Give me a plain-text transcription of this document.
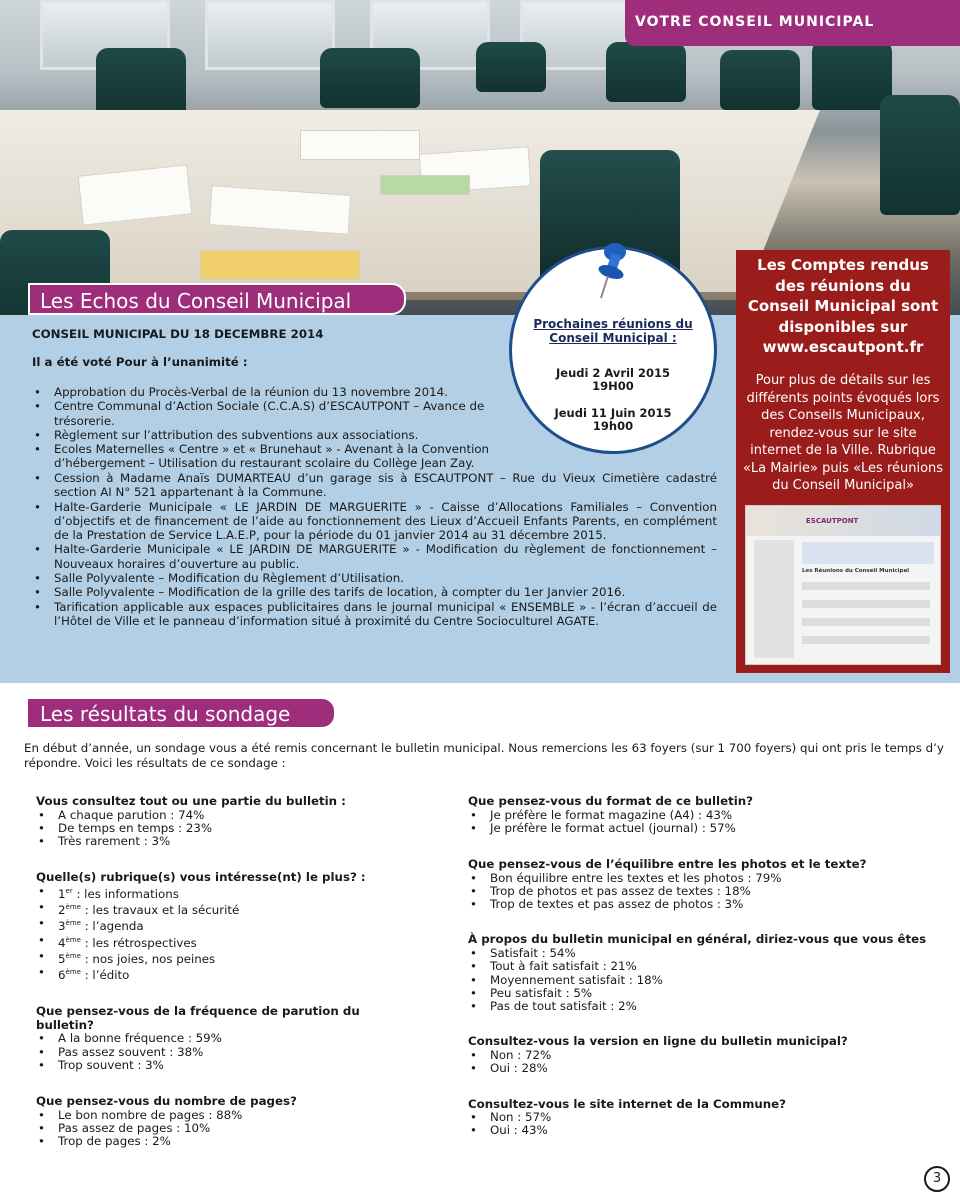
VOTRE CONSEIL MUNICIPAL
Les Echos du Conseil Municipal
CONSEIL MUNICIPAL DU 18 DECEMBRE 2014
Il a été voté Pour à l’unanimité :
• Approbation du Procès-Verbal de la réunion du 13 novembre 2014.
• Centre Communal d’Action Sociale (C.C.A.S) d’ESCAUTPONT – Avance de trésorerie.
• Règlement sur l’attribution des subventions aux associations.
• Ecoles Maternelles « Centre » et « Brunehaut » - Avenant à la Convention d’hébergement – Utilisation du restaurant scolaire du Collège Jean Zay.
• Cession à Madame Anaïs DUMARTEAU d’un garage sis à ESCAUTPONT – Rue du Vieux Cimetière cadastré section AI N° 521 appartenant à la Commune.
• Halte-Garderie Municipale « LE JARDIN DE MARGUERITE » - Caisse d’Allocations Familiales – Convention d’objectifs et de financement de l’aide au fonctionnement des Lieux d’Accueil Enfants Parents, en complément de la Prestation de Service L.A.E.P, pour la période du 01 janvier 2014 au 31 décembre 2015.
• Halte-Garderie Municipale « LE JARDIN DE MARGUERITE » - Modification du règlement de fonctionnement – Nouveaux horaires d’ouverture au public.
• Salle Polyvalente – Modification du Règlement d’Utilisation.
• Salle Polyvalente – Modification de la grille des tarifs de location, à compter du 1er Janvier 2016.
• Tarification applicable aux espaces publicitaires dans le journal municipal « ENSEMBLE » - l’écran d’accueil de l’Hôtel de Ville et le panneau d’information situé à proximité du Centre Socioculturel AGATE.
Prochaines réunions du
Conseil Municipal :
Jeudi 2 Avril 2015
19H00
Jeudi 11 Juin 2015
19h00
Les Comptes rendus des réunions du Conseil Municipal sont disponibles sur
www.escautpont.fr
Pour plus de détails sur les différents points évoqués lors des Conseils Municipaux, rendez-vous sur le site internet de la Ville. Rubrique «La Mairie» puis «Les réunions du Conseil Municipal»
ESCAUTPONT
Les Réunions du Conseil Municipal
Les résultats du sondage
En début d’année, un sondage vous a été remis concernant le bulletin municipal. Nous remercions les 63 foyers (sur 1 700 foyers) qui ont pris le temps d’y répondre. Voici les résultats de ce sondage :
Vous consultez tout ou une partie du bulletin :
• A chaque parution : 74%
• De temps en temps : 23%
• Très rarement : 3%
Quelle(s) rubrique(s) vous intéresse(nt) le plus? :
• 1er : les informations
• 2ème : les travaux et la sécurité
• 3ème : l’agenda
• 4ème : les rétrospectives
• 5ème : nos joies, nos peines
• 6ème : l’édito
Que pensez-vous de la fréquence de parution du bulletin?
• A la bonne fréquence : 59%
• Pas assez souvent : 38%
• Trop souvent : 3%
Que pensez-vous du nombre de pages?
• Le bon nombre de pages : 88%
• Pas assez de pages : 10%
• Trop de pages : 2%
Que pensez-vous du format de ce bulletin?
• Je préfère le format magazine (A4) : 43%
• Je préfère le format actuel (journal) : 57%
Que pensez-vous de l’équilibre entre les photos et le texte?
• Bon équilibre entre les textes et les photos : 79%
• Trop de photos et pas assez de textes : 18%
• Trop de textes et pas assez de photos : 3%
À propos du bulletin municipal en général, diriez-vous que vous êtes
• Satisfait : 54%
• Tout à fait satisfait : 21%
• Moyennement satisfait : 18%
• Peu satisfait : 5%
• Pas de tout satisfait : 2%
Consultez-vous la version en ligne du bulletin municipal?
• Non : 72%
• Oui : 28%
Consultez-vous le site internet de la Commune?
• Non : 57%
• Oui : 43%
3
